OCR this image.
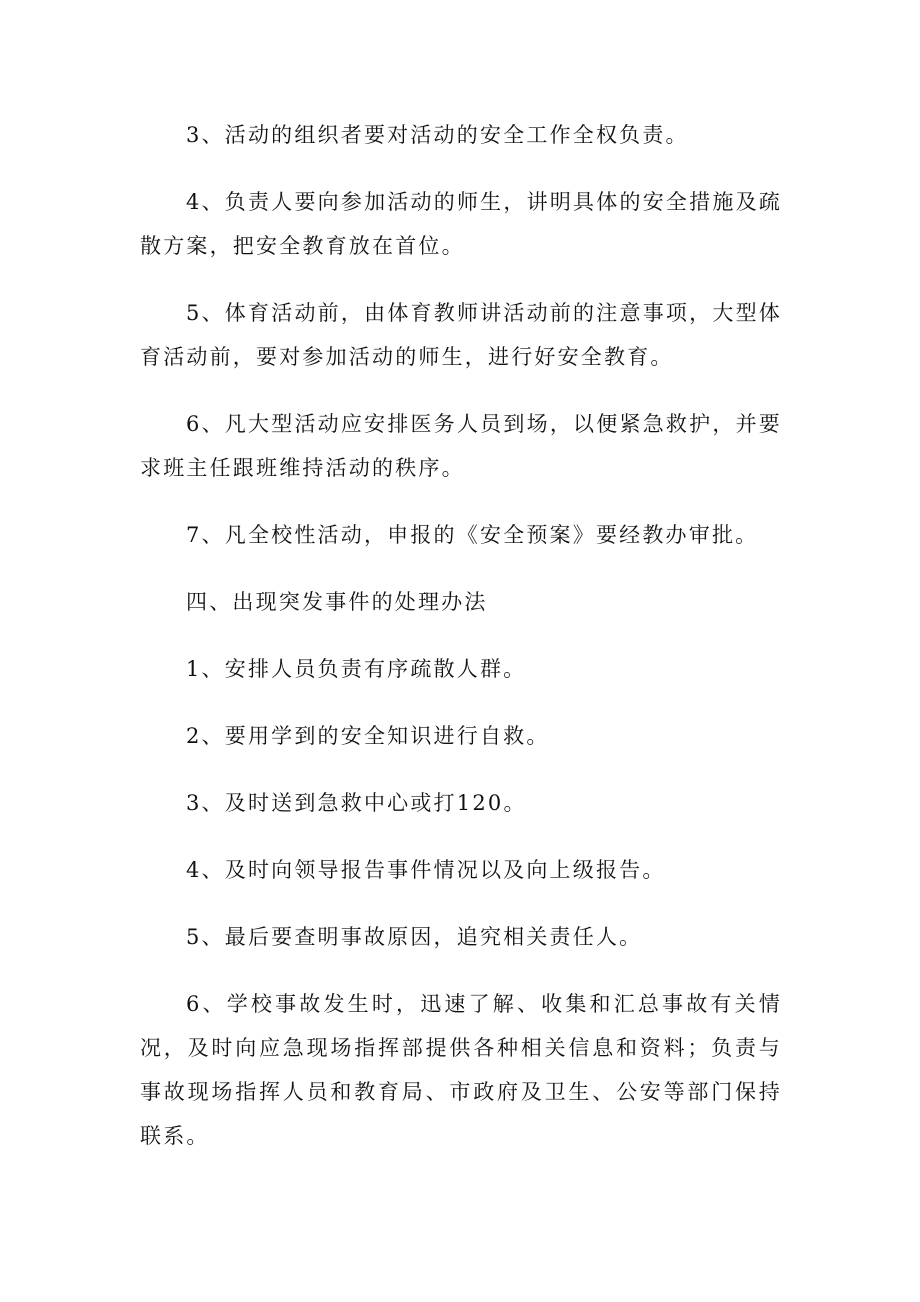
3、活动的组织者要对活动的安全工作全权负责。

4、负责人要向参加活动的师生，讲明具体的安全措施及疏散方案，把安全教育放在首位。

5、体育活动前，由体育教师讲活动前的注意事项，大型体育活动前，要对参加活动的师生，进行好安全教育。

6、凡大型活动应安排医务人员到场，以便紧急救护，并要求班主任跟班维持活动的秩序。

7、凡全校性活动，申报的《安全预案》要经教办审批。

四、出现突发事件的处理办法

1、安排人员负责有序疏散人群。

2、要用学到的安全知识进行自救。

3、及时送到急救中心或打120。

4、及时向领导报告事件情况以及向上级报告。

5、最后要查明事故原因，追究相关责任人。

6、学校事故发生时，迅速了解、收集和汇总事故有关情况，及时向应急现场指挥部提供各种相关信息和资料；负责与事故现场指挥人员和教育局、市政府及卫生、公安等部门保持联系。
